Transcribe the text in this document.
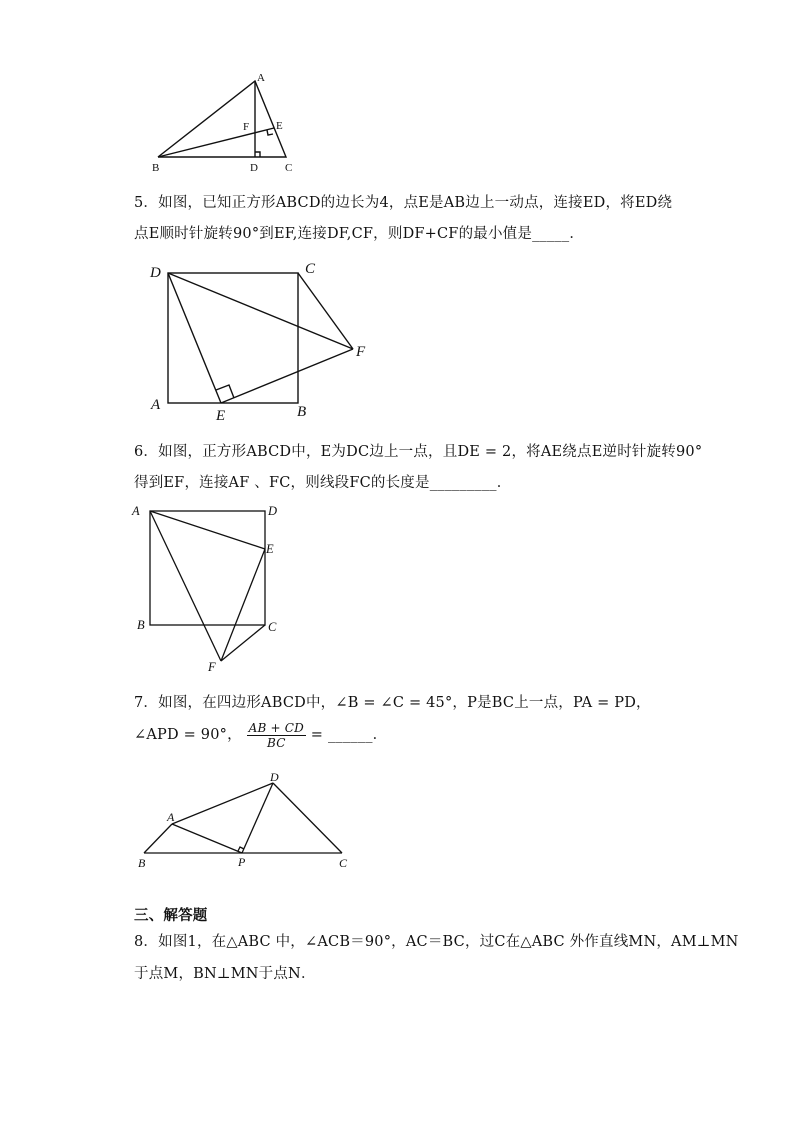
A
B	D C
F E
5．如图，已知正方形ABCD的边长为4，点E是AB边上一动点，连接ED，将ED绕
点E顺时针旋转90°到EF,连接DF,CF，则DF+CF的最小值是_____．
D	C
A
E	B
F
6．如图，正方形ABCD中，E为DC边上一点，且DE = 2，将AE绕点E逆时针旋转90°
得到EF，连接AF 、FC，则线段FC的长度是_________．
A	D
E
B	C
F
7．如图，在四边形ABCD中，∠B = ∠C = 45°，P是BC上一点，PA = PD，
∠APD = 90°， $\frac{AB + CD}{BC}$ = ______．
A
D
B	P	C
三、解答题
8．如图1，在△ABC 中，∠ACB＝90°，AC＝BC，过C在△ABC 外作直线MN，AM⊥MN
于点M，BN⊥MN于点N．
